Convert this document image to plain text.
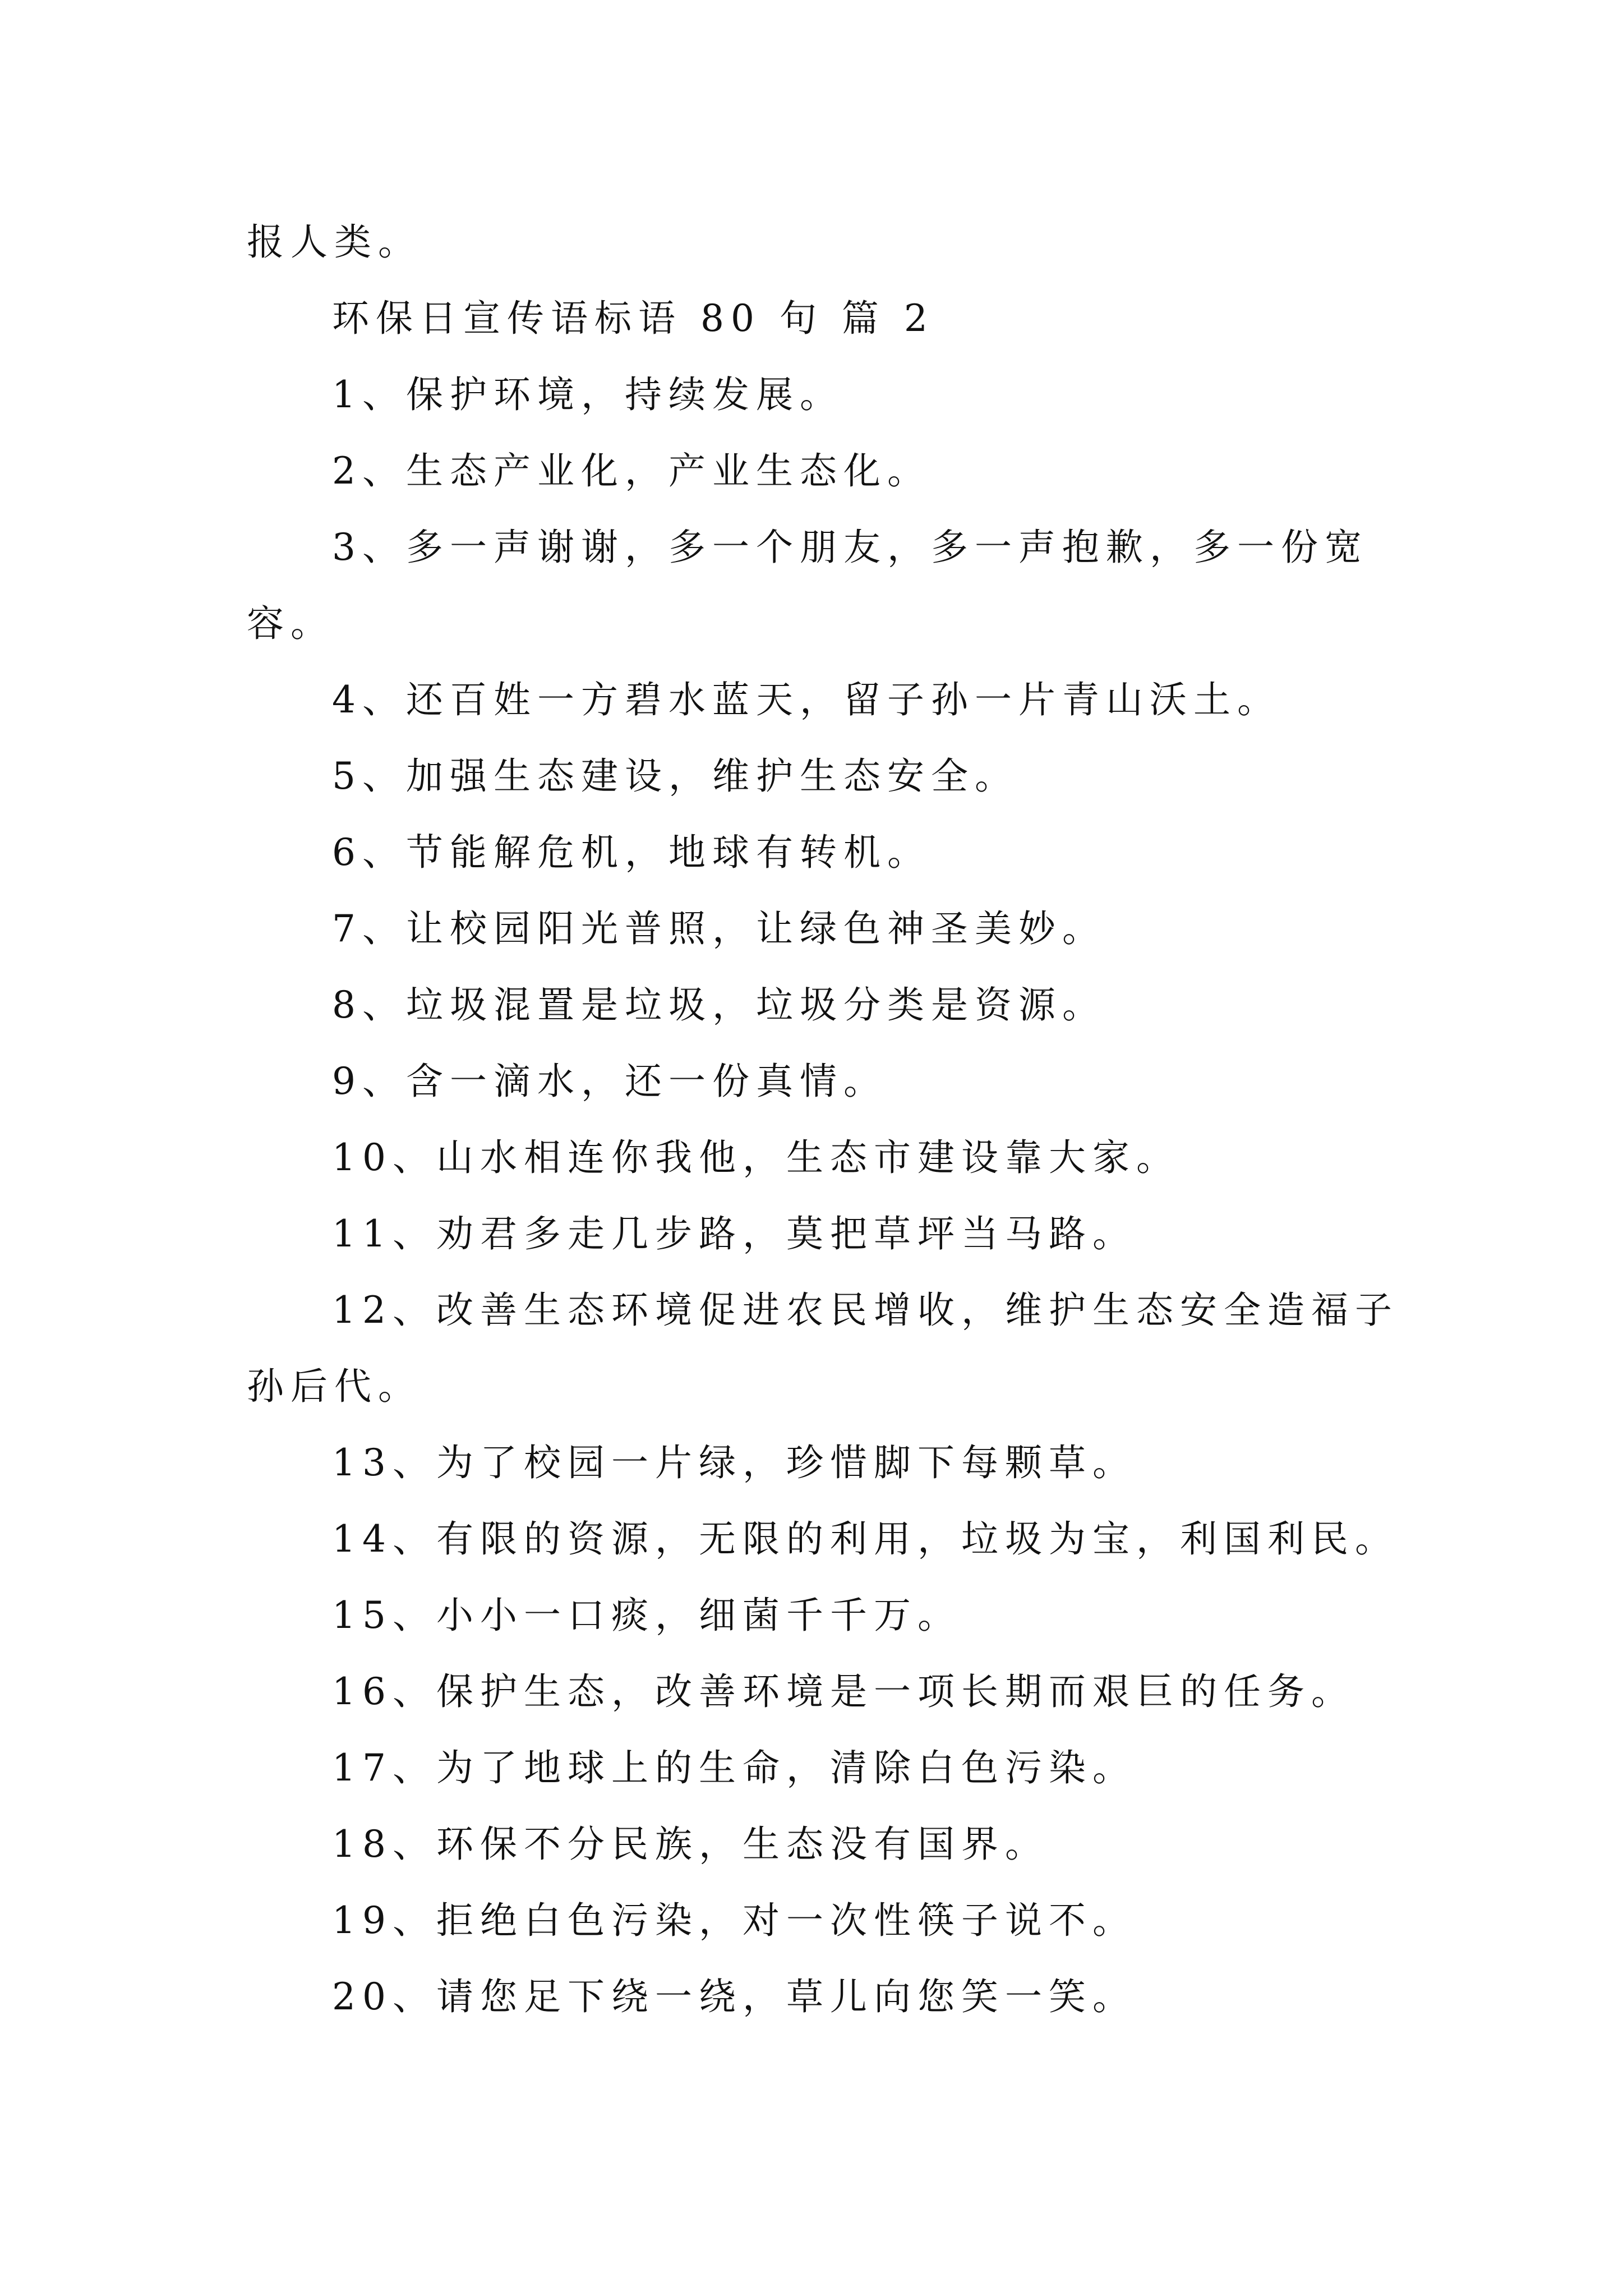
报人类。
环保日宣传语标语 80 句 篇 2
1、保护环境，持续发展。
2、生态产业化，产业生态化。
3、多一声谢谢，多一个朋友，多一声抱歉，多一份宽
容。
4、还百姓一方碧水蓝天，留子孙一片青山沃土。
5、加强生态建设，维护生态安全。
6、节能解危机，地球有转机。
7、让校园阳光普照，让绿色神圣美妙。
8、垃圾混置是垃圾，垃圾分类是资源。
9、含一滴水，还一份真情。
10、山水相连你我他，生态市建设靠大家。
11、劝君多走几步路，莫把草坪当马路。
12、改善生态环境促进农民增收，维护生态安全造福子
孙后代。
13、为了校园一片绿，珍惜脚下每颗草。
14、有限的资源，无限的利用，垃圾为宝，利国利民。
15、小小一口痰，细菌千千万。
16、保护生态，改善环境是一项长期而艰巨的任务。
17、为了地球上的生命，清除白色污染。
18、环保不分民族，生态没有国界。
19、拒绝白色污染，对一次性筷子说不。
20、请您足下绕一绕，草儿向您笑一笑。
